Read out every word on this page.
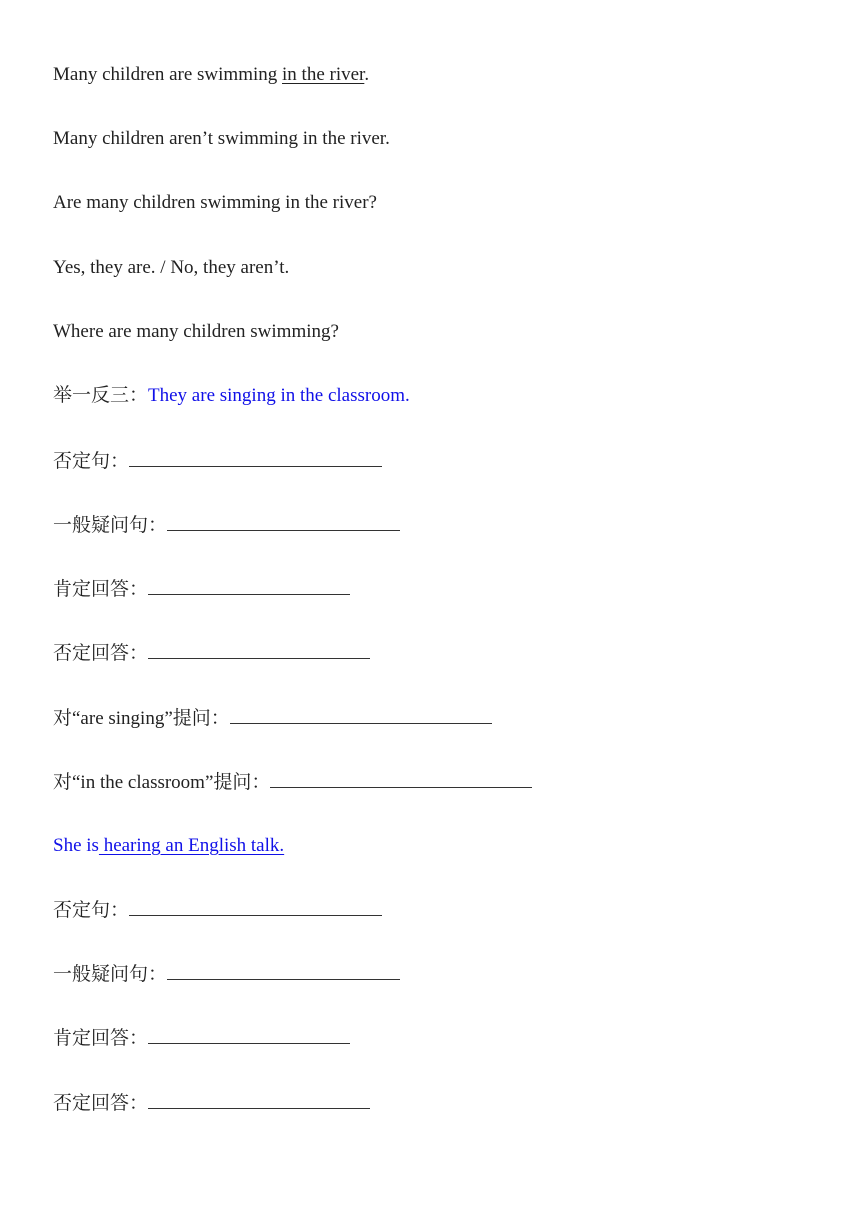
Many children are swimming in the river.
Many children aren’t swimming in the river.
Are many children swimming in the river?
Yes, they are. / No, they aren’t.
Where are many children swimming?
举一反三：They are singing in the classroom.
否定句：
一般疑问句：
肯定回答：
否定回答：
对“are singing”提问：
对“in the classroom”提问：
She is hearing an English talk.
否定句：
一般疑问句：
肯定回答：
否定回答：
